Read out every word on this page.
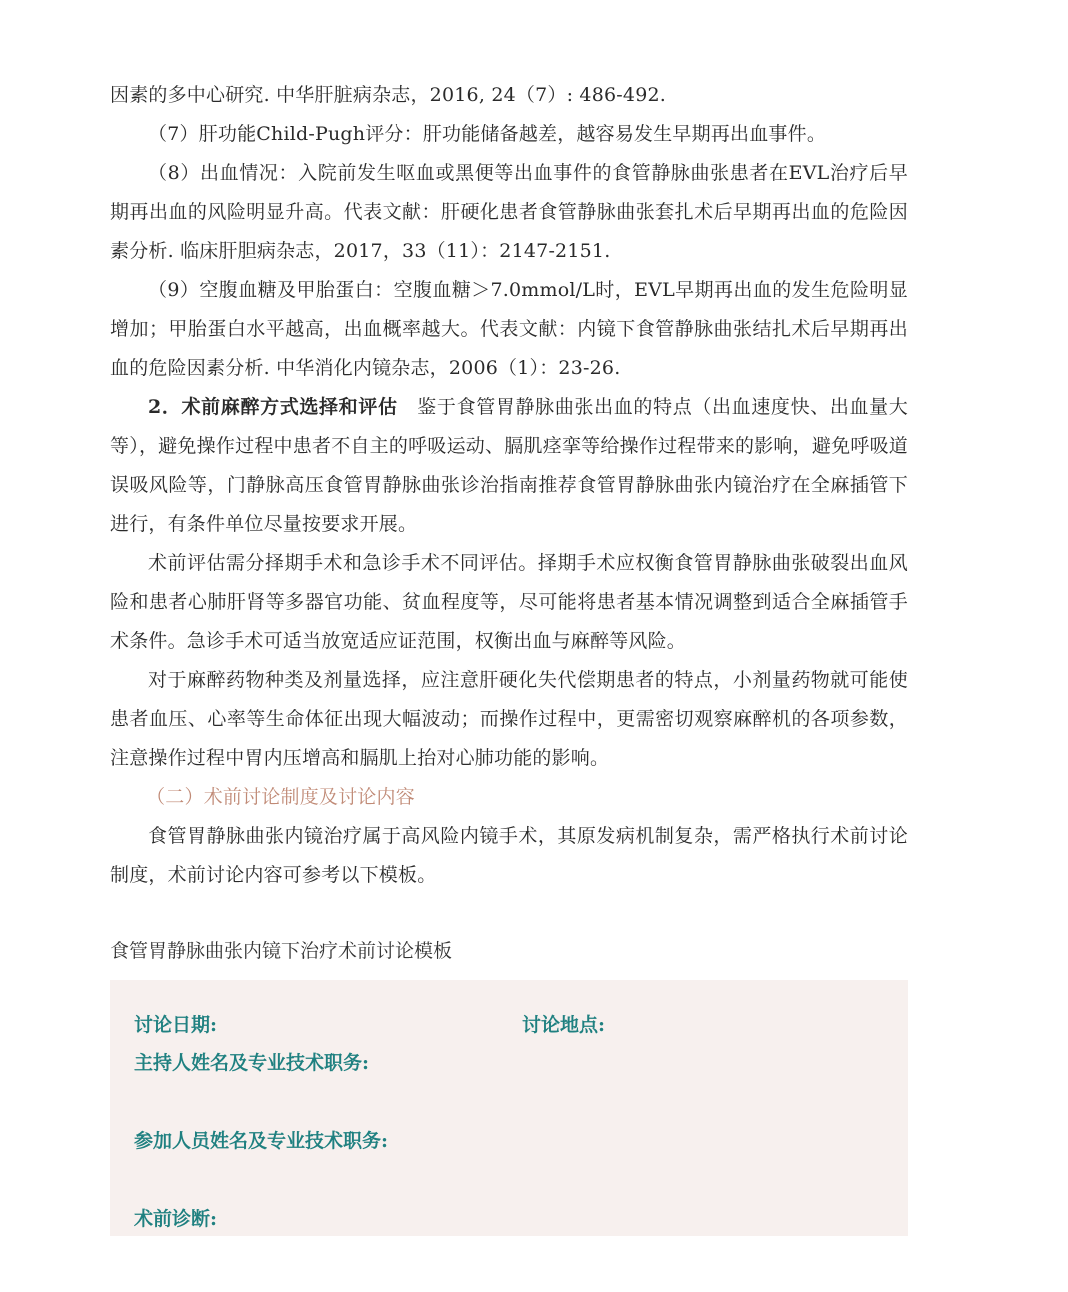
因素的多中心研究. 中华肝脏病杂志，2016, 24（7）: 486-492.

（7）肝功能Child-Pugh评分：肝功能储备越差，越容易发生早期再出血事件。

（8）出血情况：入院前发生呕血或黑便等出血事件的食管静脉曲张患者在EVL治疗后早期再出血的风险明显升高。代表文献：肝硬化患者食管静脉曲张套扎术后早期再出血的危险因素分析. 临床肝胆病杂志，2017，33（11）：2147-2151.

（9）空腹血糖及甲胎蛋白：空腹血糖＞7.0mmol/L时，EVL早期再出血的发生危险明显增加；甲胎蛋白水平越高，出血概率越大。代表文献：内镜下食管静脉曲张结扎术后早期再出血的危险因素分析. 中华消化内镜杂志，2006（1）：23-26.

2．术前麻醉方式选择和评估　鉴于食管胃静脉曲张出血的特点（出血速度快、出血量大等），避免操作过程中患者不自主的呼吸运动、膈肌痉挛等给操作过程带来的影响，避免呼吸道误吸风险等，门静脉高压食管胃静脉曲张诊治指南推荐食管胃静脉曲张内镜治疗在全麻插管下进行，有条件单位尽量按要求开展。

术前评估需分择期手术和急诊手术不同评估。择期手术应权衡食管胃静脉曲张破裂出血风险和患者心肺肝肾等多器官功能、贫血程度等，尽可能将患者基本情况调整到适合全麻插管手术条件。急诊手术可适当放宽适应证范围，权衡出血与麻醉等风险。

对于麻醉药物种类及剂量选择，应注意肝硬化失代偿期患者的特点，小剂量药物就可能使患者血压、心率等生命体征出现大幅波动；而操作过程中，更需密切观察麻醉机的各项参数，注意操作过程中胃内压增高和膈肌上抬对心肺功能的影响。

（二）术前讨论制度及讨论内容

食管胃静脉曲张内镜治疗属于高风险内镜手术，其原发病机制复杂，需严格执行术前讨论制度，术前讨论内容可参考以下模板。

食管胃静脉曲张内镜下治疗术前讨论模板
讨论日期:	讨论地点:
主持人姓名及专业技术职务:
参加人员姓名及专业技术职务:
术前诊断:
